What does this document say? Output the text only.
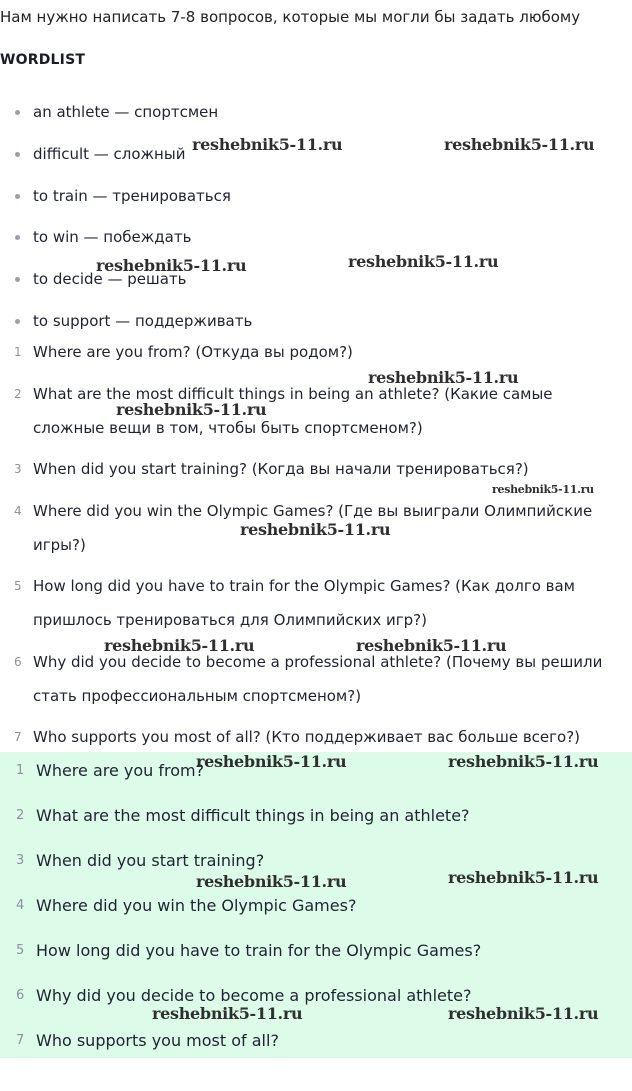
Нам нужно написать 7-8 вопросов, которые мы могли бы задать любому
WORDLIST
an athlete — спортсмен
difficult — сложный
to train — тренироваться
to win — побеждать
to decide — решать
to support — поддерживать
1 Where are you from? (Откуда вы родом?)
2 What are the most difficult things in being an athlete? (Какие самые
сложные вещи в том, чтобы быть спортсменом?)
3 When did you start training? (Когда вы начали тренироваться?)
4 Where did you win the Olympic Games? (Где вы выиграли Олимпийские
игры?)
5 How long did you have to train for the Olympic Games? (Как долго вам
пришлось тренироваться для Олимпийских игр?)
6 Why did you decide to become a professional athlete? (Почему вы решили
стать профессиональным спортсменом?)
7 Who supports you most of all? (Кто поддерживает вас больше всего?)
1 Where are you from?
2 What are the most difficult things in being an athlete?
3 When did you start training?
4 Where did you win the Olympic Games?
5 How long did you have to train for the Olympic Games?
6 Why did you decide to become a professional athlete?
7 Who supports you most of all?
reshebnik5-11.ru	reshebnik5-11.ru
reshebnik5-11.ru	reshebnik5-11.ru
reshebnik5-11.ru
reshebnik5-11.ru
reshebnik5-11.ru
reshebnik5-11.ru
reshebnik5-11.ru	reshebnik5-11.ru
reshebnik5-11.ru	reshebnik5-11.ru
reshebnik5-11.ru	reshebnik5-11.ru
reshebnik5-11.ru	reshebnik5-11.ru
